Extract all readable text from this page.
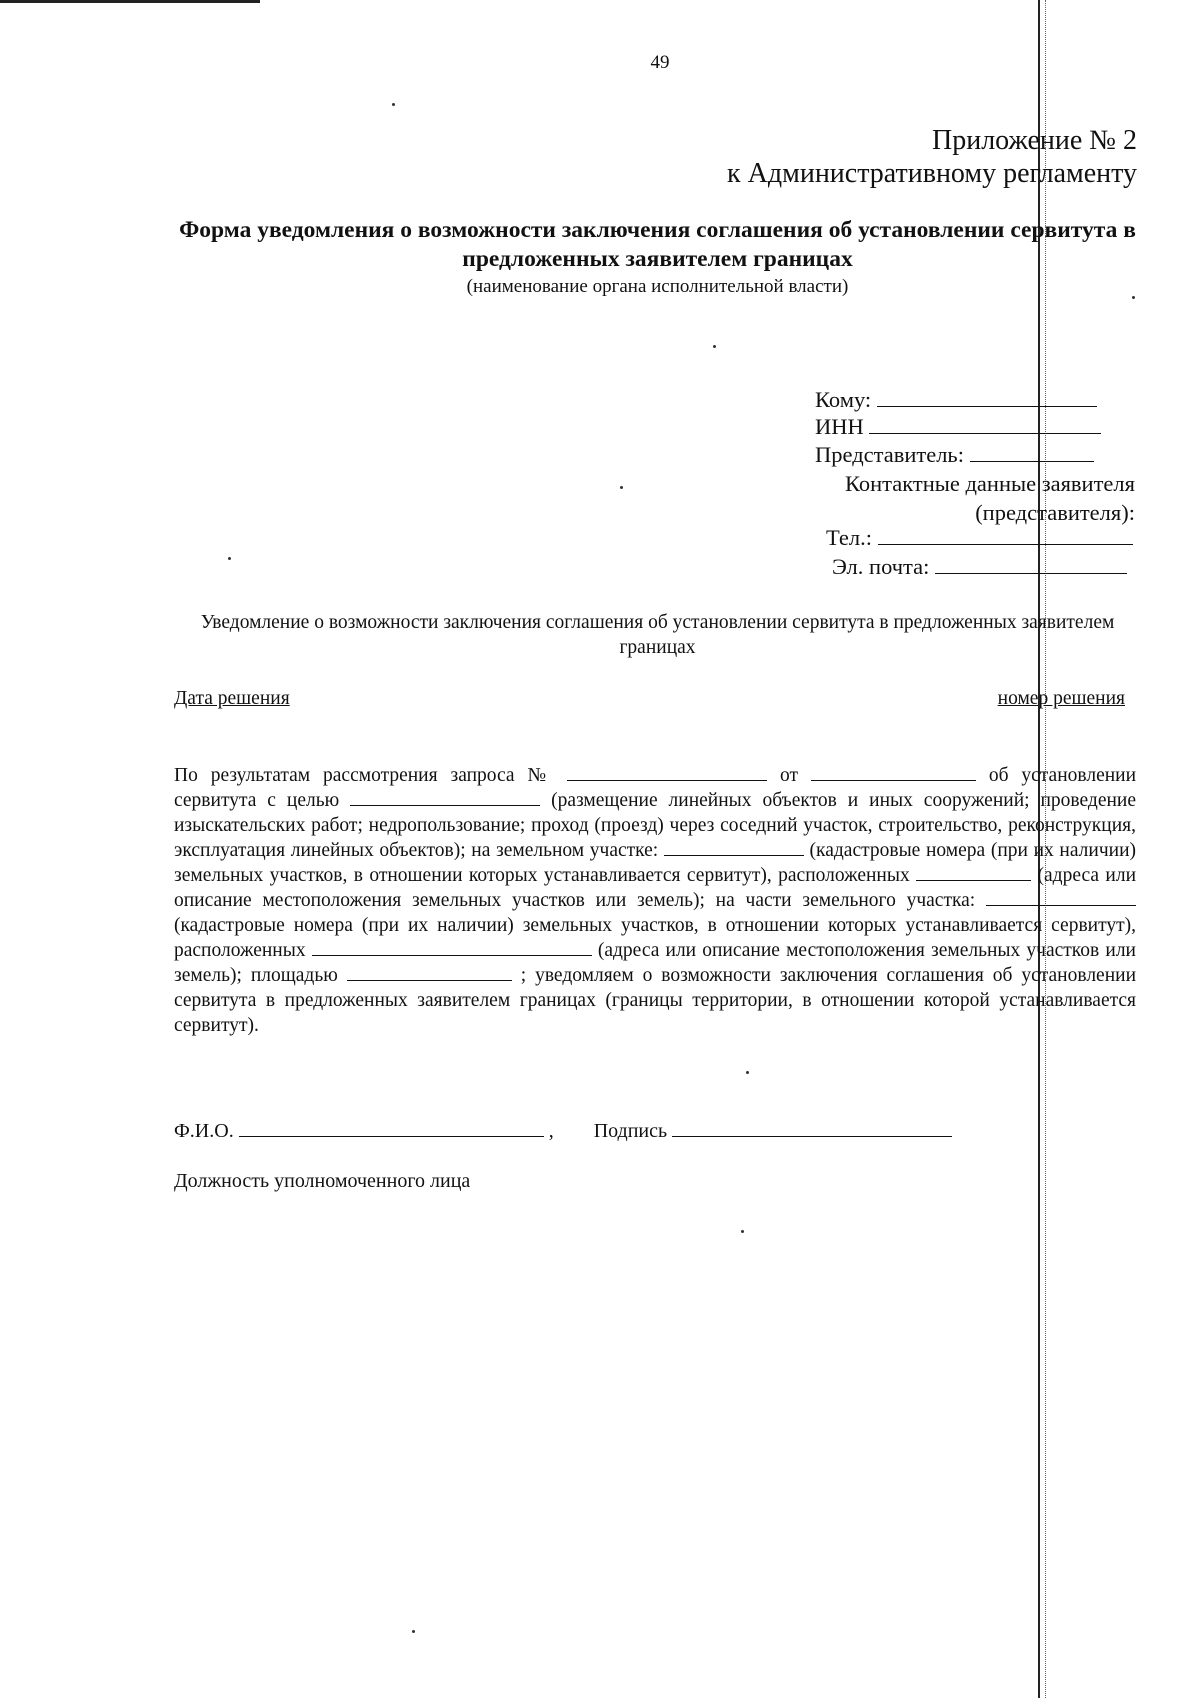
49
Приложение № 2
к Административному регламенту
Форма уведомления о возможности заключения соглашения об установлении сервитута в предложенных заявителем границах
(наименование органа исполнительной власти)
Кому:
ИНН
Представитель:
Контактные данные заявителя
(представителя):
Тел.:
Эл. почта:
Уведомление о возможности заключения соглашения об установлении сервитута в предложенных заявителем границах
Дата решения	номер решения
По результатам рассмотрения запроса №	от	об установлении сервитута с целью	(размещение линейных объектов и иных сооружений; проведение изыскательских работ; недропользование; проход (проезд) через соседний участок, строительство, реконструкция, эксплуатация линейных объектов); на земельном участке:	(кадастровые номера (при их наличии) земельных участков, в отношении которых устанавливается сервитут), расположенных	(адреса или описание местоположения земельных участков или земель); на части земельного участка:  (кадастровые номера (при их наличии) земельных участков, в отношении которых устанавливается сервитут), расположенных	(адреса или описание местоположения земельных участков или земель); площадью	; уведомляем о возможности заключения соглашения об установлении сервитута в предложенных заявителем границах (границы территории, в отношении которой устанавливается сервитут).
Ф.И.О.	, Подпись
Должность уполномоченного лица
